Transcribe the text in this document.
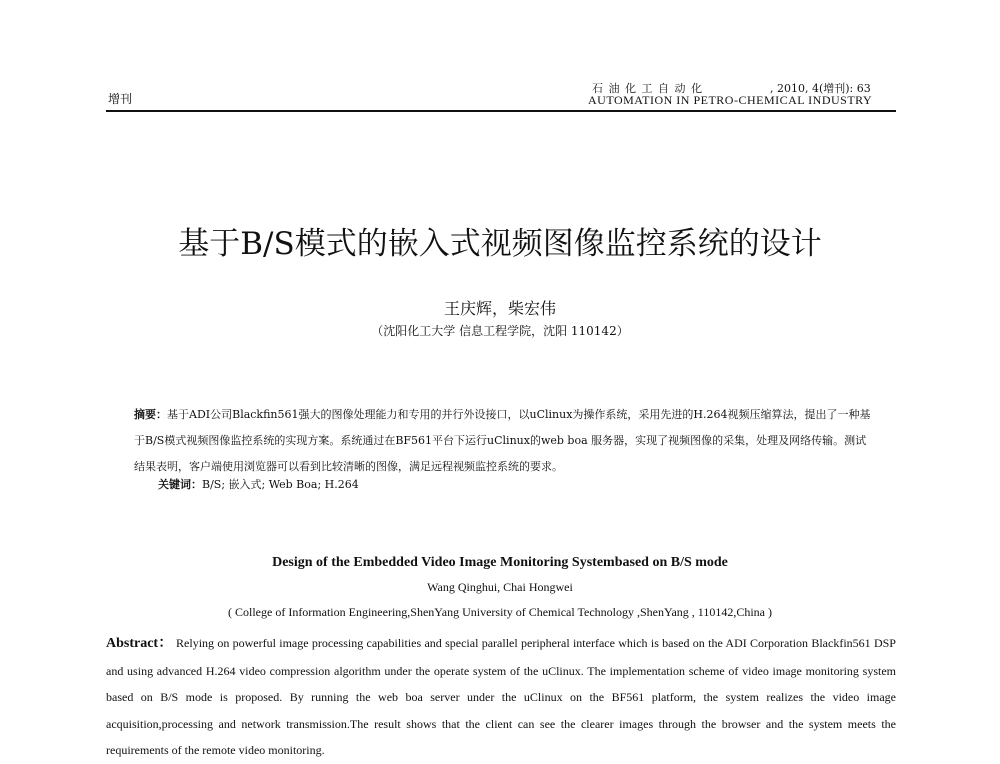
增刊
石 油 化 工 自 动 化	, 2010, 4(增刊): 63
AUTOMATION IN PETRO-CHEMICAL INDUSTRY
基于B/S模式的嵌入式视频图像监控系统的设计
王庆辉，柴宏伟
（沈阳化工大学 信息工程学院，沈阳 110142）
摘要：基于ADI公司Blackfin561强大的图像处理能力和专用的并行外设接口，以uClinux为操作系统，采用先进的H.264视频压缩算法，提出了一种基于B/S模式视频图像监控系统的实现方案。系统通过在BF561平台下运行uClinux的web boa 服务器，实现了视频图像的采集，处理及网络传输。测试结果表明，客户端使用浏览器可以看到比较清晰的图像，满足远程视频监控系统的要求。
关键词：B/S; 嵌入式; Web Boa; H.264
Design of the Embedded Video Image Monitoring Systembased on B/S mode
Wang Qinghui, Chai Hongwei
( College of Information Engineering,ShenYang University of Chemical Technology ,ShenYang , 110142,China )
Abstract： Relying on powerful image processing capabilities and special parallel peripheral interface which is based on the ADI Corporation Blackfin561 DSP and using advanced H.264 video compression algorithm under the operate system of the uClinux. The implementation scheme of video image monitoring system based on B/S mode is proposed. By running the web boa server under the uClinux on the BF561 platform, the system realizes the video image acquisition,processing and network transmission.The result shows that the client can see the clearer images through the browser and the system meets the requirements of the remote video monitoring.
